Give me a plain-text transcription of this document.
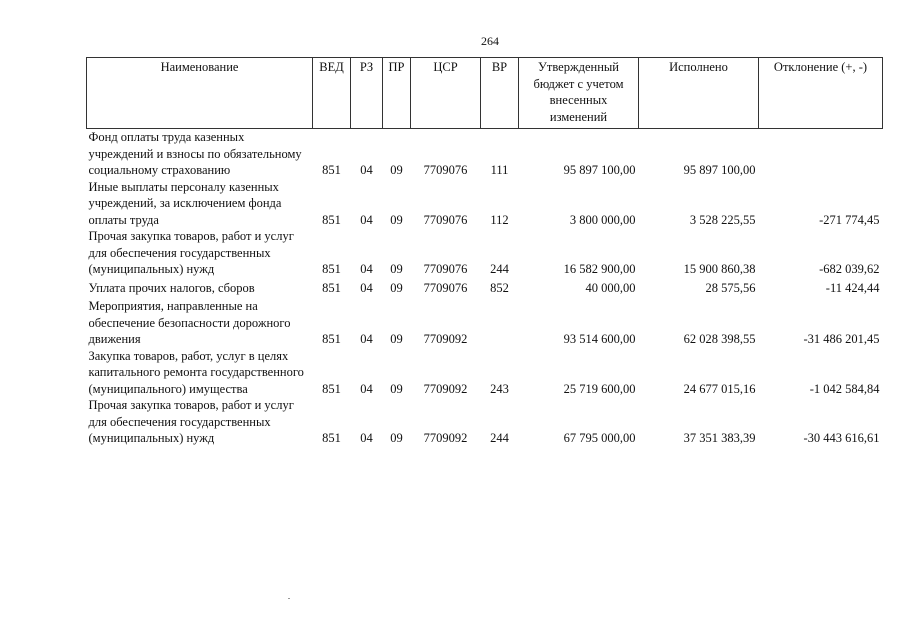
264
Наименование	ВЕД	РЗ	ПР	ЦСР	ВР	Утвержденный бюджет с учетом внесенных изменений	Исполнено	Отклонение (+, -)
Фонд оплаты труда казенных учреждений и взносы по обязательному социальному страхованию	851	04	09	7709076	111	95 897 100,00	95 897 100,00	
Иные выплаты персоналу казенных учреждений, за исключением фонда оплаты труда	851	04	09	7709076	112	3 800 000,00	3 528 225,55	-271 774,45
Прочая закупка товаров, работ и услуг для обеспечения государственных (муниципальных) нужд	851	04	09	7709076	244	16 582 900,00	15 900 860,38	-682 039,62
Уплата прочих налогов, сборов	851	04	09	7709076	852	40 000,00	28 575,56	-11 424,44
Мероприятия, направленные на обеспечение безопасности дорожного движения	851	04	09	7709092		93 514 600,00	62 028 398,55	-31 486 201,45
Закупка товаров, работ, услуг в целях капитального ремонта государственного (муниципального) имущества	851	04	09	7709092	243	25 719 600,00	24 677 015,16	-1 042 584,84
Прочая закупка товаров, работ и услуг для обеспечения государственных (муниципальных) нужд	851	04	09	7709092	244	67 795 000,00	37 351 383,39	-30 443 616,61
